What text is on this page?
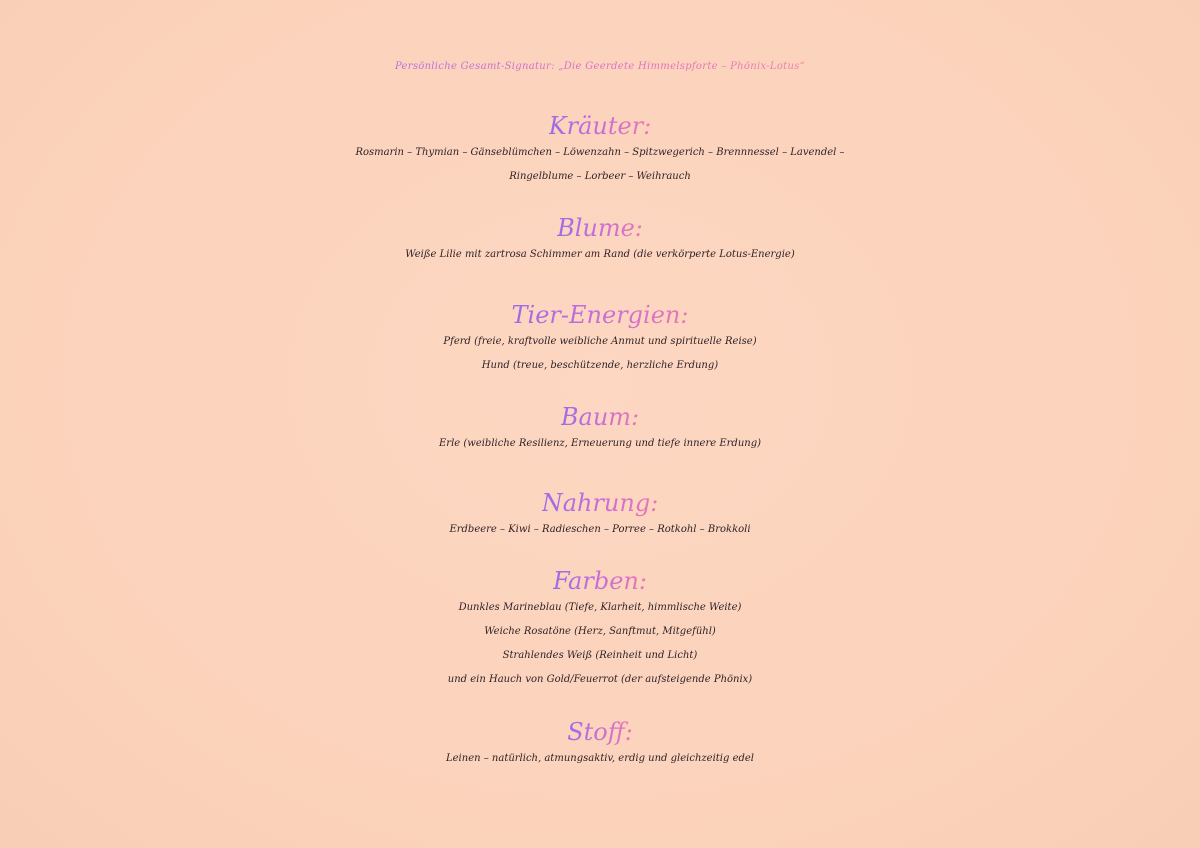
Persönliche Gesamt-Signatur: „Die Geerdete Himmelspforte – Phönix-Lotus“
Kräuter:
Rosmarin – Thymian – Gänseblümchen – Löwenzahn – Spitzwegerich – Brennnessel – Lavendel –
Ringelblume – Lorbeer – Weihrauch
Blume:
Weiße Lilie mit zartrosa Schimmer am Rand (die verkörperte Lotus-Energie)
Tier-Energien:
Pferd (freie, kraftvolle weibliche Anmut und spirituelle Reise)
Hund (treue, beschützende, herzliche Erdung)
Baum:
Erle (weibliche Resilienz, Erneuerung und tiefe innere Erdung)
Nahrung:
Erdbeere – Kiwi – Radieschen – Porree – Rotkohl – Brokkoli
Farben:
Dunkles Marineblau (Tiefe, Klarheit, himmlische Weite)
Weiche Rosatöne (Herz, Sanftmut, Mitgefühl)
Strahlendes Weiß (Reinheit und Licht)
und ein Hauch von Gold/Feuerrot (der aufsteigende Phönix)
Stoff:
Leinen – natürlich, atmungsaktiv, erdig und gleichzeitig edel
